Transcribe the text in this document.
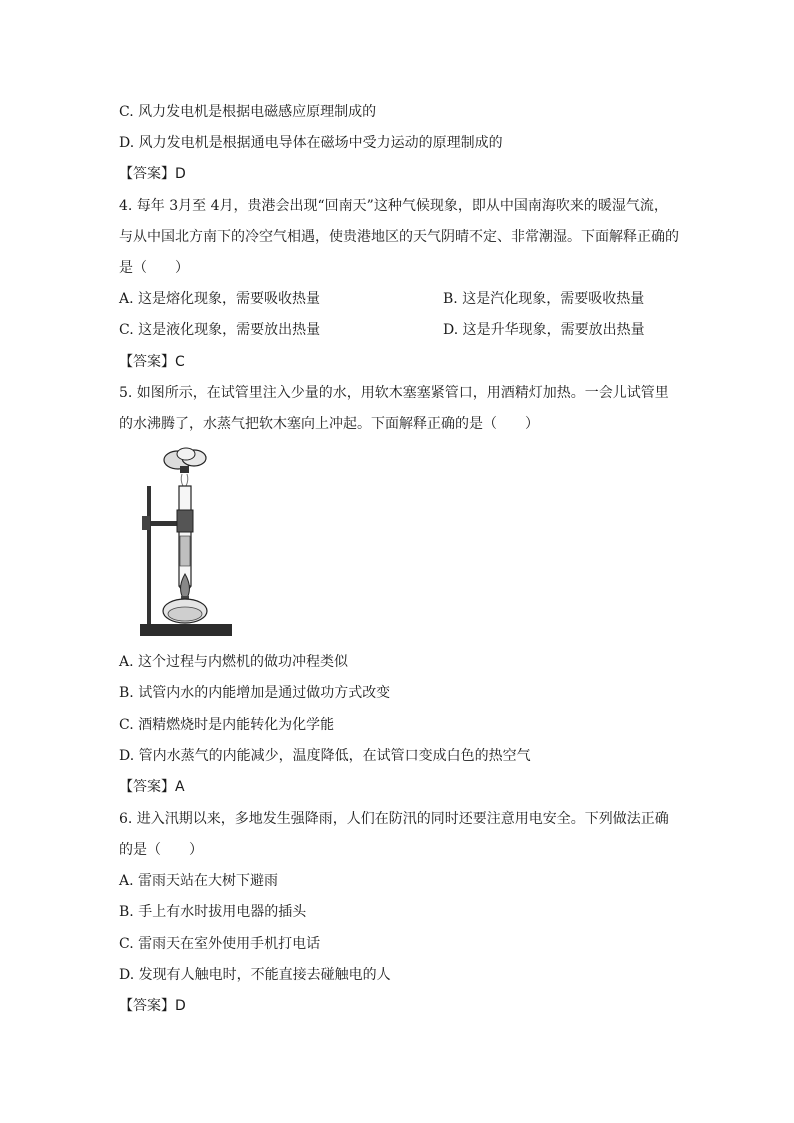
C. 风力发电机是根据电磁感应原理制成的
D. 风力发电机是根据通电导体在磁场中受力运动的原理制成的
【答案】D
4. 每年 3月至 4月，贵港会出现“回南天”这种气候现象，即从中国南海吹来的暖湿气流，
与从中国北方南下的冷空气相遇，使贵港地区的天气阴晴不定、非常潮湿。下面解释正确的
是（　　）
A. 这是熔化现象，需要吸收热量	B. 这是汽化现象，需要吸收热量
C. 这是液化现象，需要放出热量	D. 这是升华现象，需要放出热量
【答案】C
5. 如图所示，在试管里注入少量的水，用软木塞塞紧管口，用酒精灯加热。一会儿试管里
的水沸腾了，水蒸气把软木塞向上冲起。下面解释正确的是（　　）
A. 这个过程与内燃机的做功冲程类似
B. 试管内水的内能增加是通过做功方式改变
C. 酒精燃烧时是内能转化为化学能
D. 管内水蒸气的内能减少，温度降低，在试管口变成白色的热空气
【答案】A
6. 进入汛期以来，多地发生强降雨，人们在防汛的同时还要注意用电安全。下列做法正确
的是（　　）
A. 雷雨天站在大树下避雨
B. 手上有水时拔用电器的插头
C. 雷雨天在室外使用手机打电话
D. 发现有人触电时，不能直接去碰触电的人
【答案】D
